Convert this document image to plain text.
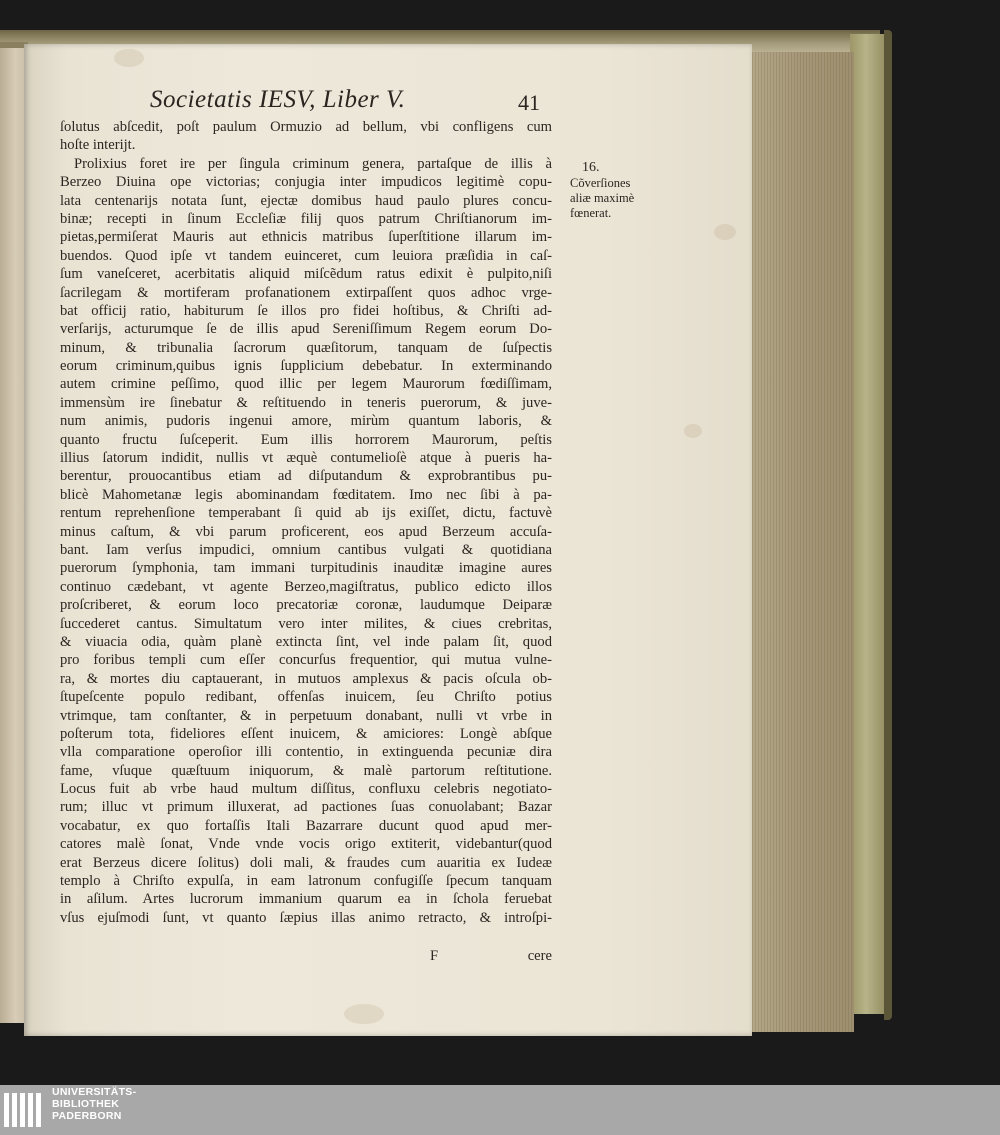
Societatis IESV, Liber V.	41
ſolutus abſcedit, poſt paulum Ormuzio ad bellum, vbi confligens cum
hoſte interijt.
Prolixius foret ire per ſingula criminum genera, partaſque de illis à
Berzeo Diuina ope victorias; conjugia inter impudicos legitimè copu-
lata centenarijs notata ſunt, ejectæ domibus haud paulo plures concu-
binæ; recepti in ſinum Eccleſiæ filij quos patrum Chriſtianorum im-
pietas,permiſerat Mauris aut ethnicis matribus ſuperſtitione illarum im-
buendos. Quod ipſe vt tandem euinceret, cum leuiora præſidia in caſ-
ſum vaneſceret, acerbitatis aliquid miſcẽdum ratus edixit è pulpito,niſi
ſacrilegam & mortiferam profanationem extirpaſſent quos adhoc vrge-
bat officij ratio, habiturum ſe illos pro fidei hoſtibus, & Chriſti ad-
verſarijs, acturumque ſe de illis apud Sereniſſimum Regem eorum Do-
minum, & tribunalia ſacrorum quæſitorum, tanquam de ſuſpectis
eorum criminum,quibus ignis ſupplicium debebatur. In exterminando
autem crimine peſſimo, quod illic per legem Maurorum fœdiſſimam,
immensùm ire ſinebatur & reſtituendo in teneris puerorum, & juve-
num animis, pudoris ingenui amore, mirùm quantum laboris, &
quanto fructu ſuſceperit. Eum illis horrorem Maurorum, peſtis
illius ſatorum indidit, nullis vt æquè contumelioſè atque à pueris ha-
berentur, prouocantibus etiam ad diſputandum & exprobrantibus pu-
blicè Mahometanæ legis abominandam fœditatem. Imo nec ſibi à pa-
rentum reprehenſione temperabant ſi quid ab ijs exiſſet, dictu, factuvè
minus caſtum, & vbi parum proficerent, eos apud Berzeum accuſa-
bant. Iam verſus impudici, omnium cantibus vulgati & quotidiana
puerorum ſymphonia, tam immani turpitudinis inauditæ imagine aures
continuo cædebant, vt agente Berzeo,magiſtratus, publico edicto illos
proſcriberet, & eorum loco precatoriæ coronæ, laudumque Deiparæ
ſuccederet cantus. Simultatum vero inter milites, & ciues crebritas,
& viuacia odia, quàm planè extincta ſint, vel inde palam ſit, quod
pro foribus templi cum eſſer concurſus frequentior, qui mutua vulne-
ra, & mortes diu captauerant, in mutuos amplexus & pacis oſcula ob-
ſtupeſcente populo redibant, offenſas inuicem, ſeu Chriſto potius
vtrimque, tam conſtanter, & in perpetuum donabant, nulli vt vrbe in
poſterum tota, fideliores eſſent inuicem, & amiciores: Longè abſque
vlla comparatione operoſior illi contentio, in extinguenda pecuniæ dira
fame, vſuque quæſtuum iniquorum, & malè partorum reſtitutione.
Locus fuit ab vrbe haud multum diſſitus, confluxu celebris negotiato-
rum; illuc vt primum illuxerat, ad pactiones ſuas conuolabant; Bazar
vocabatur, ex quo fortaſſis Itali Bazarrare ducunt quod apud mer-
catores malè ſonat, Vnde vnde vocis origo extiterit, videbantur(quod
erat Berzeus dicere ſolitus) doli mali, & fraudes cum auaritia ex Iudeæ
templo à Chriſto expulſa, in eam latronum confugiſſe ſpecum tanquam
in aſilum. Artes lucrorum immanium quarum ea in ſchola feruebat
vſus ejuſmodi ſunt, vt quanto ſæpius illas animo retracto, & introſpi-
F	cere
16.
Cõverſiones
aliæ maximè
fœnerat.
UNIVERSITÄTS-
BIBLIOTHEK
PADERBORN
